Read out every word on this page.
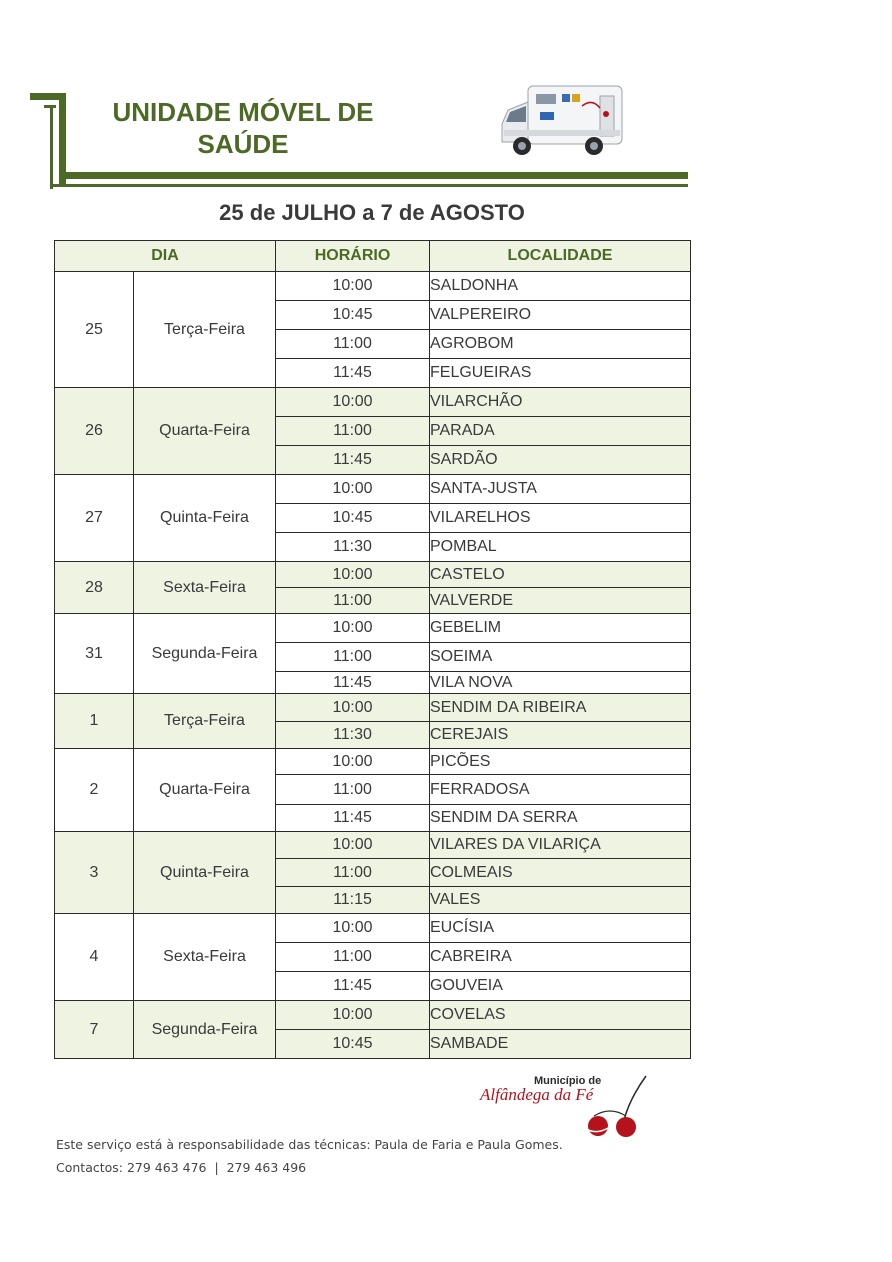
UNIDADE MÓVEL DE
SAÚDE
25 de JULHO a 7 de AGOSTO
DIA		HORÁRIO	LOCALIDADE
25	Terça-Feira	10:00	SALDONHA
		10:45	VALPEREIRO
		11:00	AGROBOM
		11:45	FELGUEIRAS
26	Quarta-Feira	10:00	VILARCHÃO
		11:00	PARADA
		11:45	SARDÃO
27	Quinta-Feira	10:00	SANTA-JUSTA
		10:45	VILARELHOS
		11:30	POMBAL
28	Sexta-Feira	10:00	CASTELO
		11:00	VALVERDE
31	Segunda-Feira	10:00	GEBELIM
		11:00	SOEIMA
		11:45	VILA NOVA
1	Terça-Feira	10:00	SENDIM DA RIBEIRA
		11:30	CEREJAIS
2	Quarta-Feira	10:00	PICÕES
		11:00	FERRADOSA
		11:45	SENDIM DA SERRA
3	Quinta-Feira	10:00	VILARES DA VILARIÇA
		11:00	COLMEAIS
		11:15	VALES
4	Sexta-Feira	10:00	EUCÍSIA
		11:00	CABREIRA
		11:45	GOUVEIA
7	Segunda-Feira	10:00	COVELAS
		10:45	SAMBADE
Município de
Alfândega da Fé
Este serviço está à responsabilidade das técnicas: Paula de Faria e Paula Gomes.
Contactos: 279 463 476  |  279 463 496
